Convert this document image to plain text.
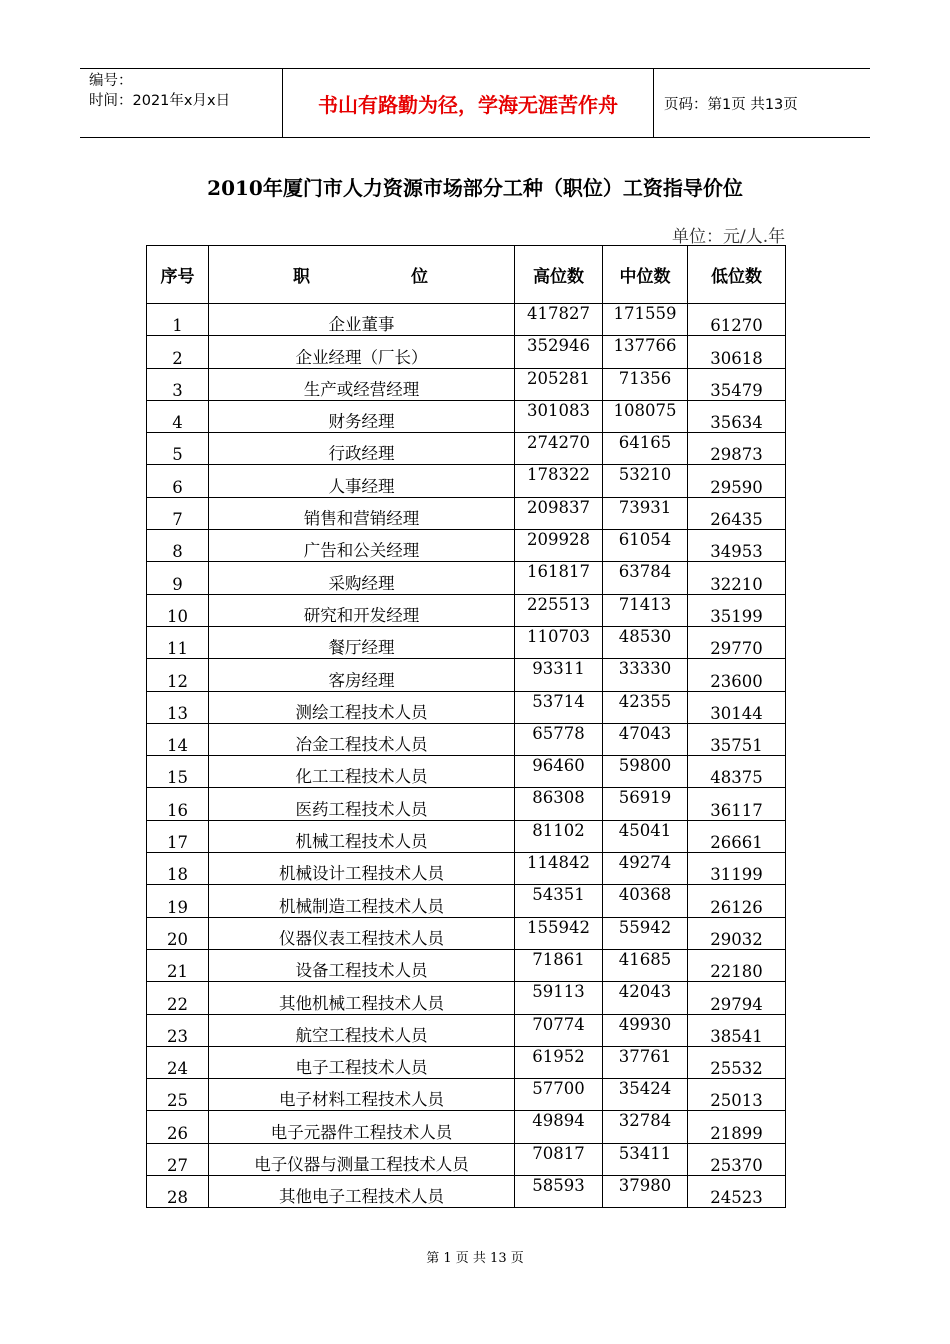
编号：
时间：2021年x月x日	书山有路勤为径，学海无涯苦作舟	页码：第1页 共13页
2010年厦门市人力资源市场部分工种（职位）工资指导价位
单位：元/人.年
序号	职 位	高位数	中位数	低位数
1	企业董事	417827	171559	61270
2	企业经理（厂长）	352946	137766	30618
3	生产或经营经理	205281	71356	35479
4	财务经理	301083	108075	35634
5	行政经理	274270	64165	29873
6	人事经理	178322	53210	29590
7	销售和营销经理	209837	73931	26435
8	广告和公关经理	209928	61054	34953
9	采购经理	161817	63784	32210
10	研究和开发经理	225513	71413	35199
11	餐厅经理	110703	48530	29770
12	客房经理	93311	33330	23600
13	测绘工程技术人员	53714	42355	30144
14	冶金工程技术人员	65778	47043	35751
15	化工工程技术人员	96460	59800	48375
16	医药工程技术人员	86308	56919	36117
17	机械工程技术人员	81102	45041	26661
18	机械设计工程技术人员	114842	49274	31199
19	机械制造工程技术人员	54351	40368	26126
20	仪器仪表工程技术人员	155942	55942	29032
21	设备工程技术人员	71861	41685	22180
22	其他机械工程技术人员	59113	42043	29794
23	航空工程技术人员	70774	49930	38541
24	电子工程技术人员	61952	37761	25532
25	电子材料工程技术人员	57700	35424	25013
26	电子元器件工程技术人员	49894	32784	21899
27	电子仪器与测量工程技术人员	70817	53411	25370
28	其他电子工程技术人员	58593	37980	24523
第 1 页 共 13 页
